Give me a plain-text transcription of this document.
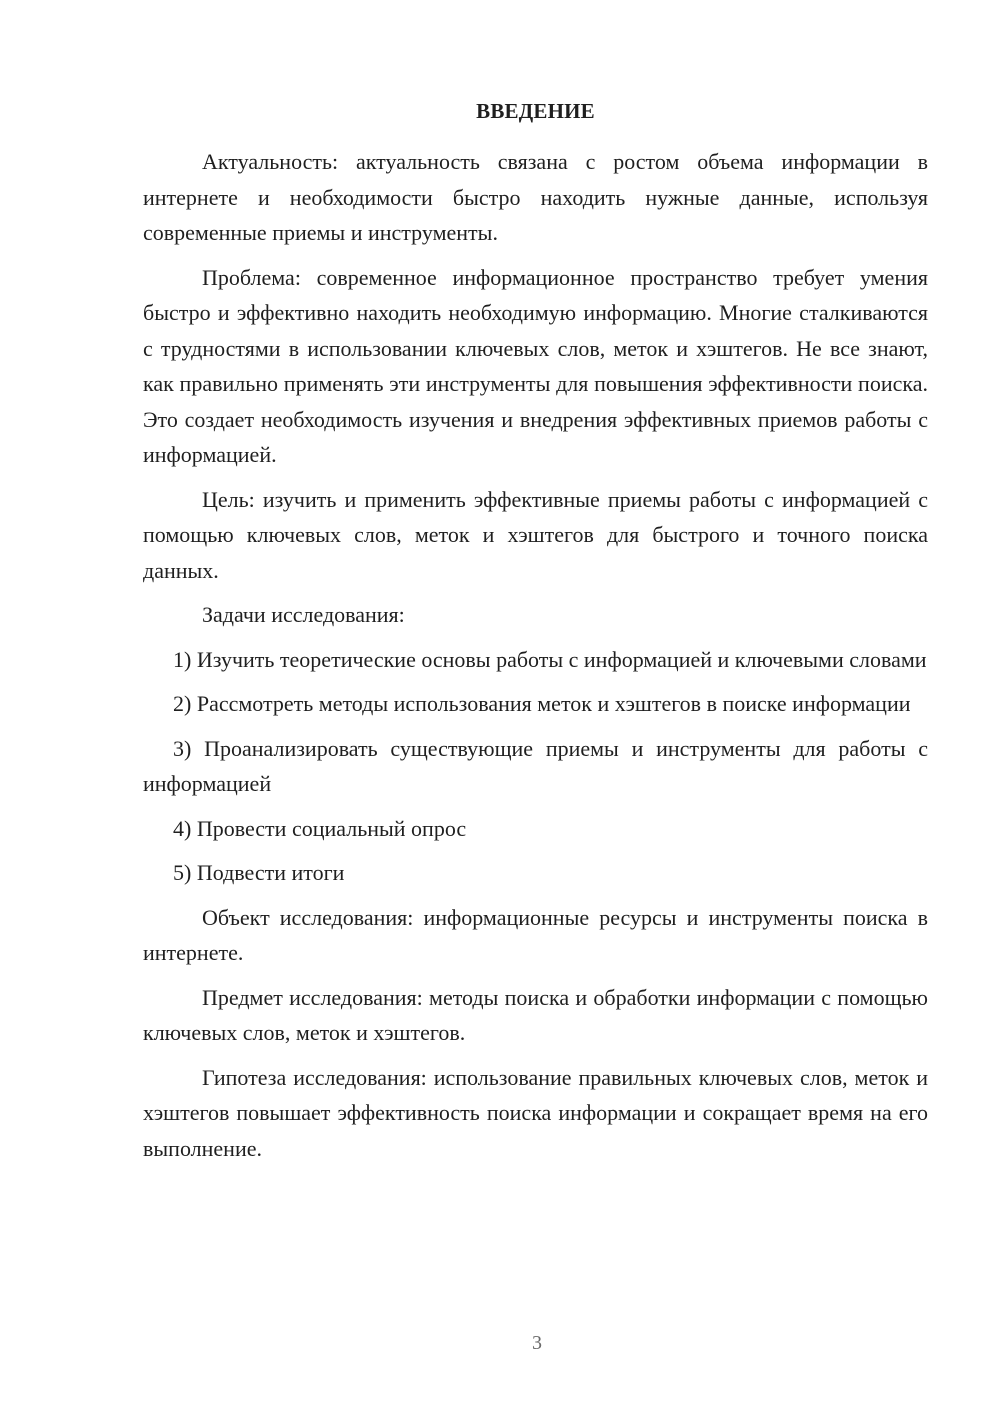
ВВЕДЕНИЕ

Актуальность: актуальность связана с ростом объема информации в интернете и необходимости быстро находить нужные данные, используя современные приемы и инструменты.

Проблема: современное информационное пространство требует умения быстро и эффективно находить необходимую информацию. Многие сталкиваются с трудностями в использовании ключевых слов, меток и хэштегов. Не все знают, как правильно применять эти инструменты для повышения эффективности поиска. Это создает необходимость изучения и внедрения эффективных приемов работы с информацией.

Цель: изучить и применить эффективные приемы работы с информацией с помощью ключевых слов, меток и хэштегов для быстрого и точного поиска данных.

Задачи исследования:

1) Изучить теоретические основы работы с информацией и ключевыми словами

2) Рассмотреть методы использования меток и хэштегов в поиске информации

3) Проанализировать существующие приемы и инструменты для работы с информацией

4) Провести социальный опрос

5) Подвести итоги

Объект исследования: информационные ресурсы и инструменты поиска в интернете.

Предмет исследования: методы поиска и обработки информации с помощью ключевых слов, меток и хэштегов.

Гипотеза исследования: использование правильных ключевых слов, меток и хэштегов повышает эффективность поиска информации и сокращает время на его выполнение.

3
